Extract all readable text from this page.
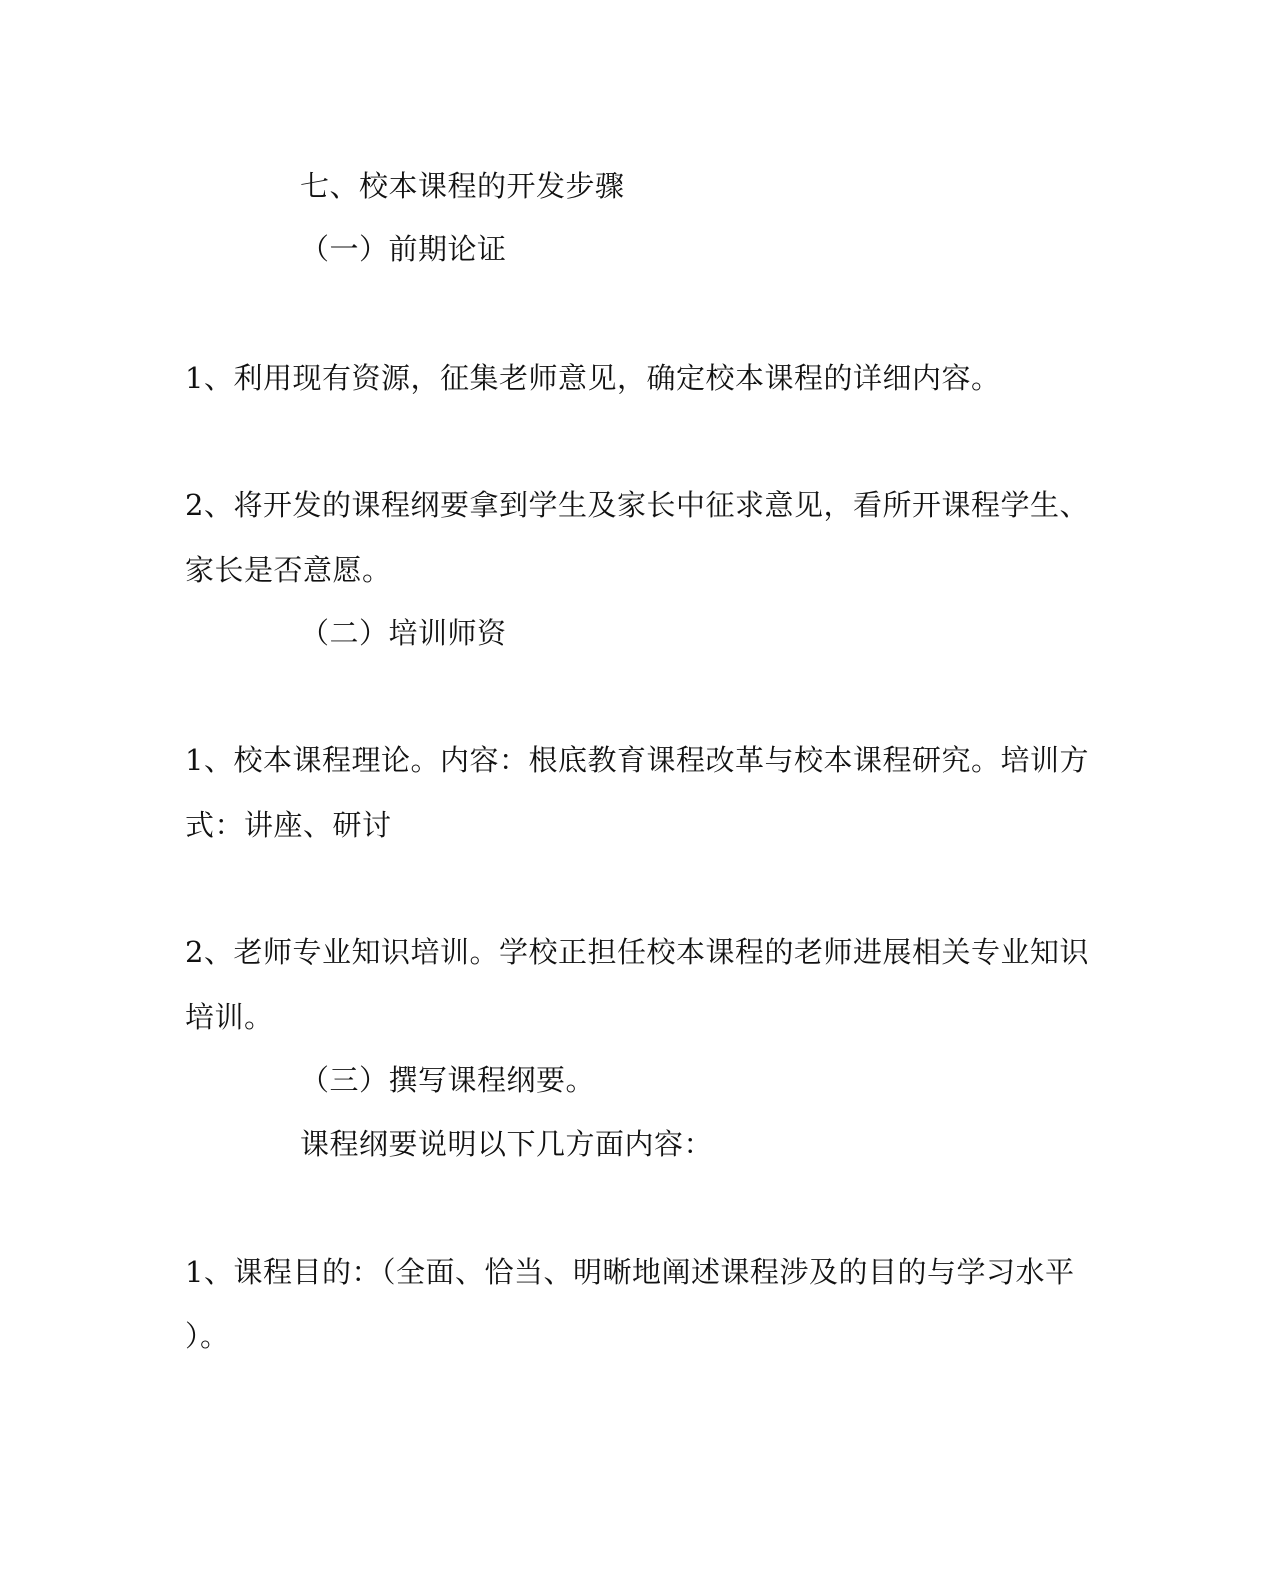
七、校本课程的开发步骤
（一）前期论证
1、利用现有资源，征集老师意见，确定校本课程的详细内容。
2、将开发的课程纲要拿到学生及家长中征求意见，看所开课程学生、
家长是否意愿。
（二）培训师资
1、校本课程理论。内容：根底教育课程改革与校本课程研究。培训方
式：讲座、研讨
2、老师专业知识培训。学校正担任校本课程的老师进展相关专业知识
培训。
（三）撰写课程纲要。
课程纲要说明以下几方面内容：
1、课程目的：（全面、恰当、明晰地阐述课程涉及的目的与学习水平
）。
